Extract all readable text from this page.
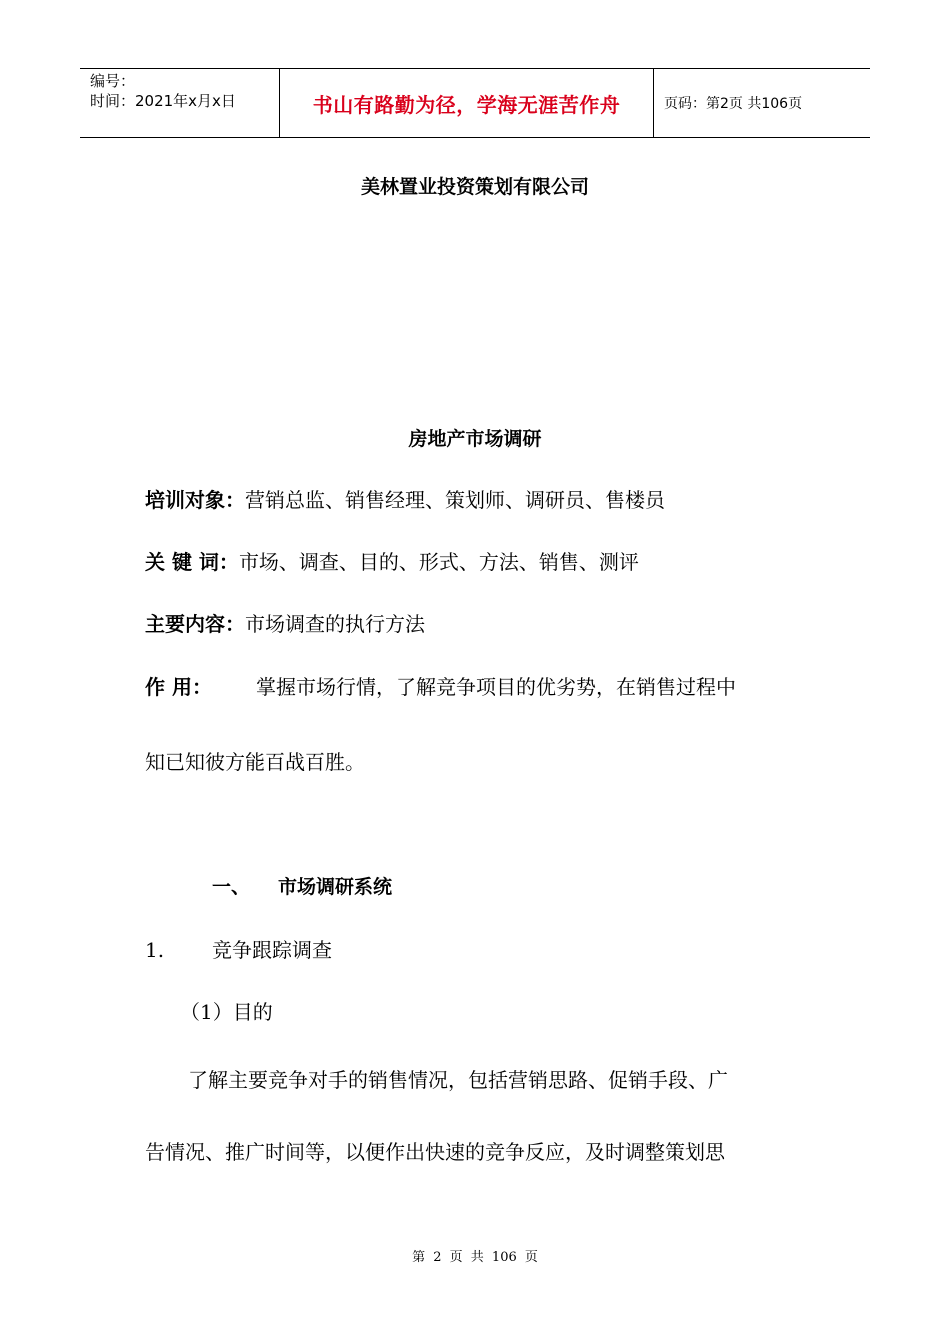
编号：
时间：2021年x月x日	书山有路勤为径，学海无涯苦作舟	页码：第2页 共106页
美林置业投资策划有限公司
房地产市场调研
培训对象：营销总监、销售经理、策划师、调研员、售楼员
关 键 词：市场、调查、目的、形式、方法、销售、测评
主要内容：市场调查的执行方法
作 用： 掌握市场行情，了解竞争项目的优劣势，在销售过程中
知已知彼方能百战百胜。
一、 市场调研系统
1. 竞争跟踪调查
（1）目的
了解主要竞争对手的销售情况，包括营销思路、促销手段、广
告情况、推广时间等，以便作出快速的竞争反应，及时调整策划思
第 2 页 共 106 页
